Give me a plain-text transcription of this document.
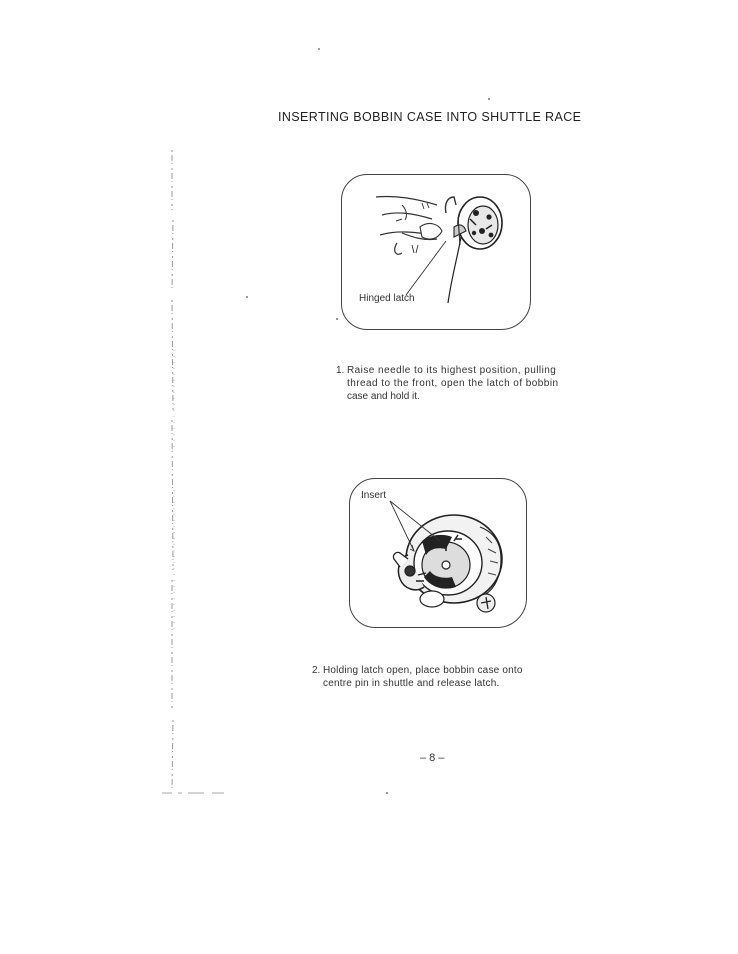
INSERTING BOBBIN CASE INTO SHUTTLE RACE
Hinged latch
1. Raise needle to its highest position, pulling
thread to the front, open the latch of bobbin
case and hold it.
Insert
2. Holding latch open, place bobbin case onto
centre pin in shuttle and release latch.
– 8 –
